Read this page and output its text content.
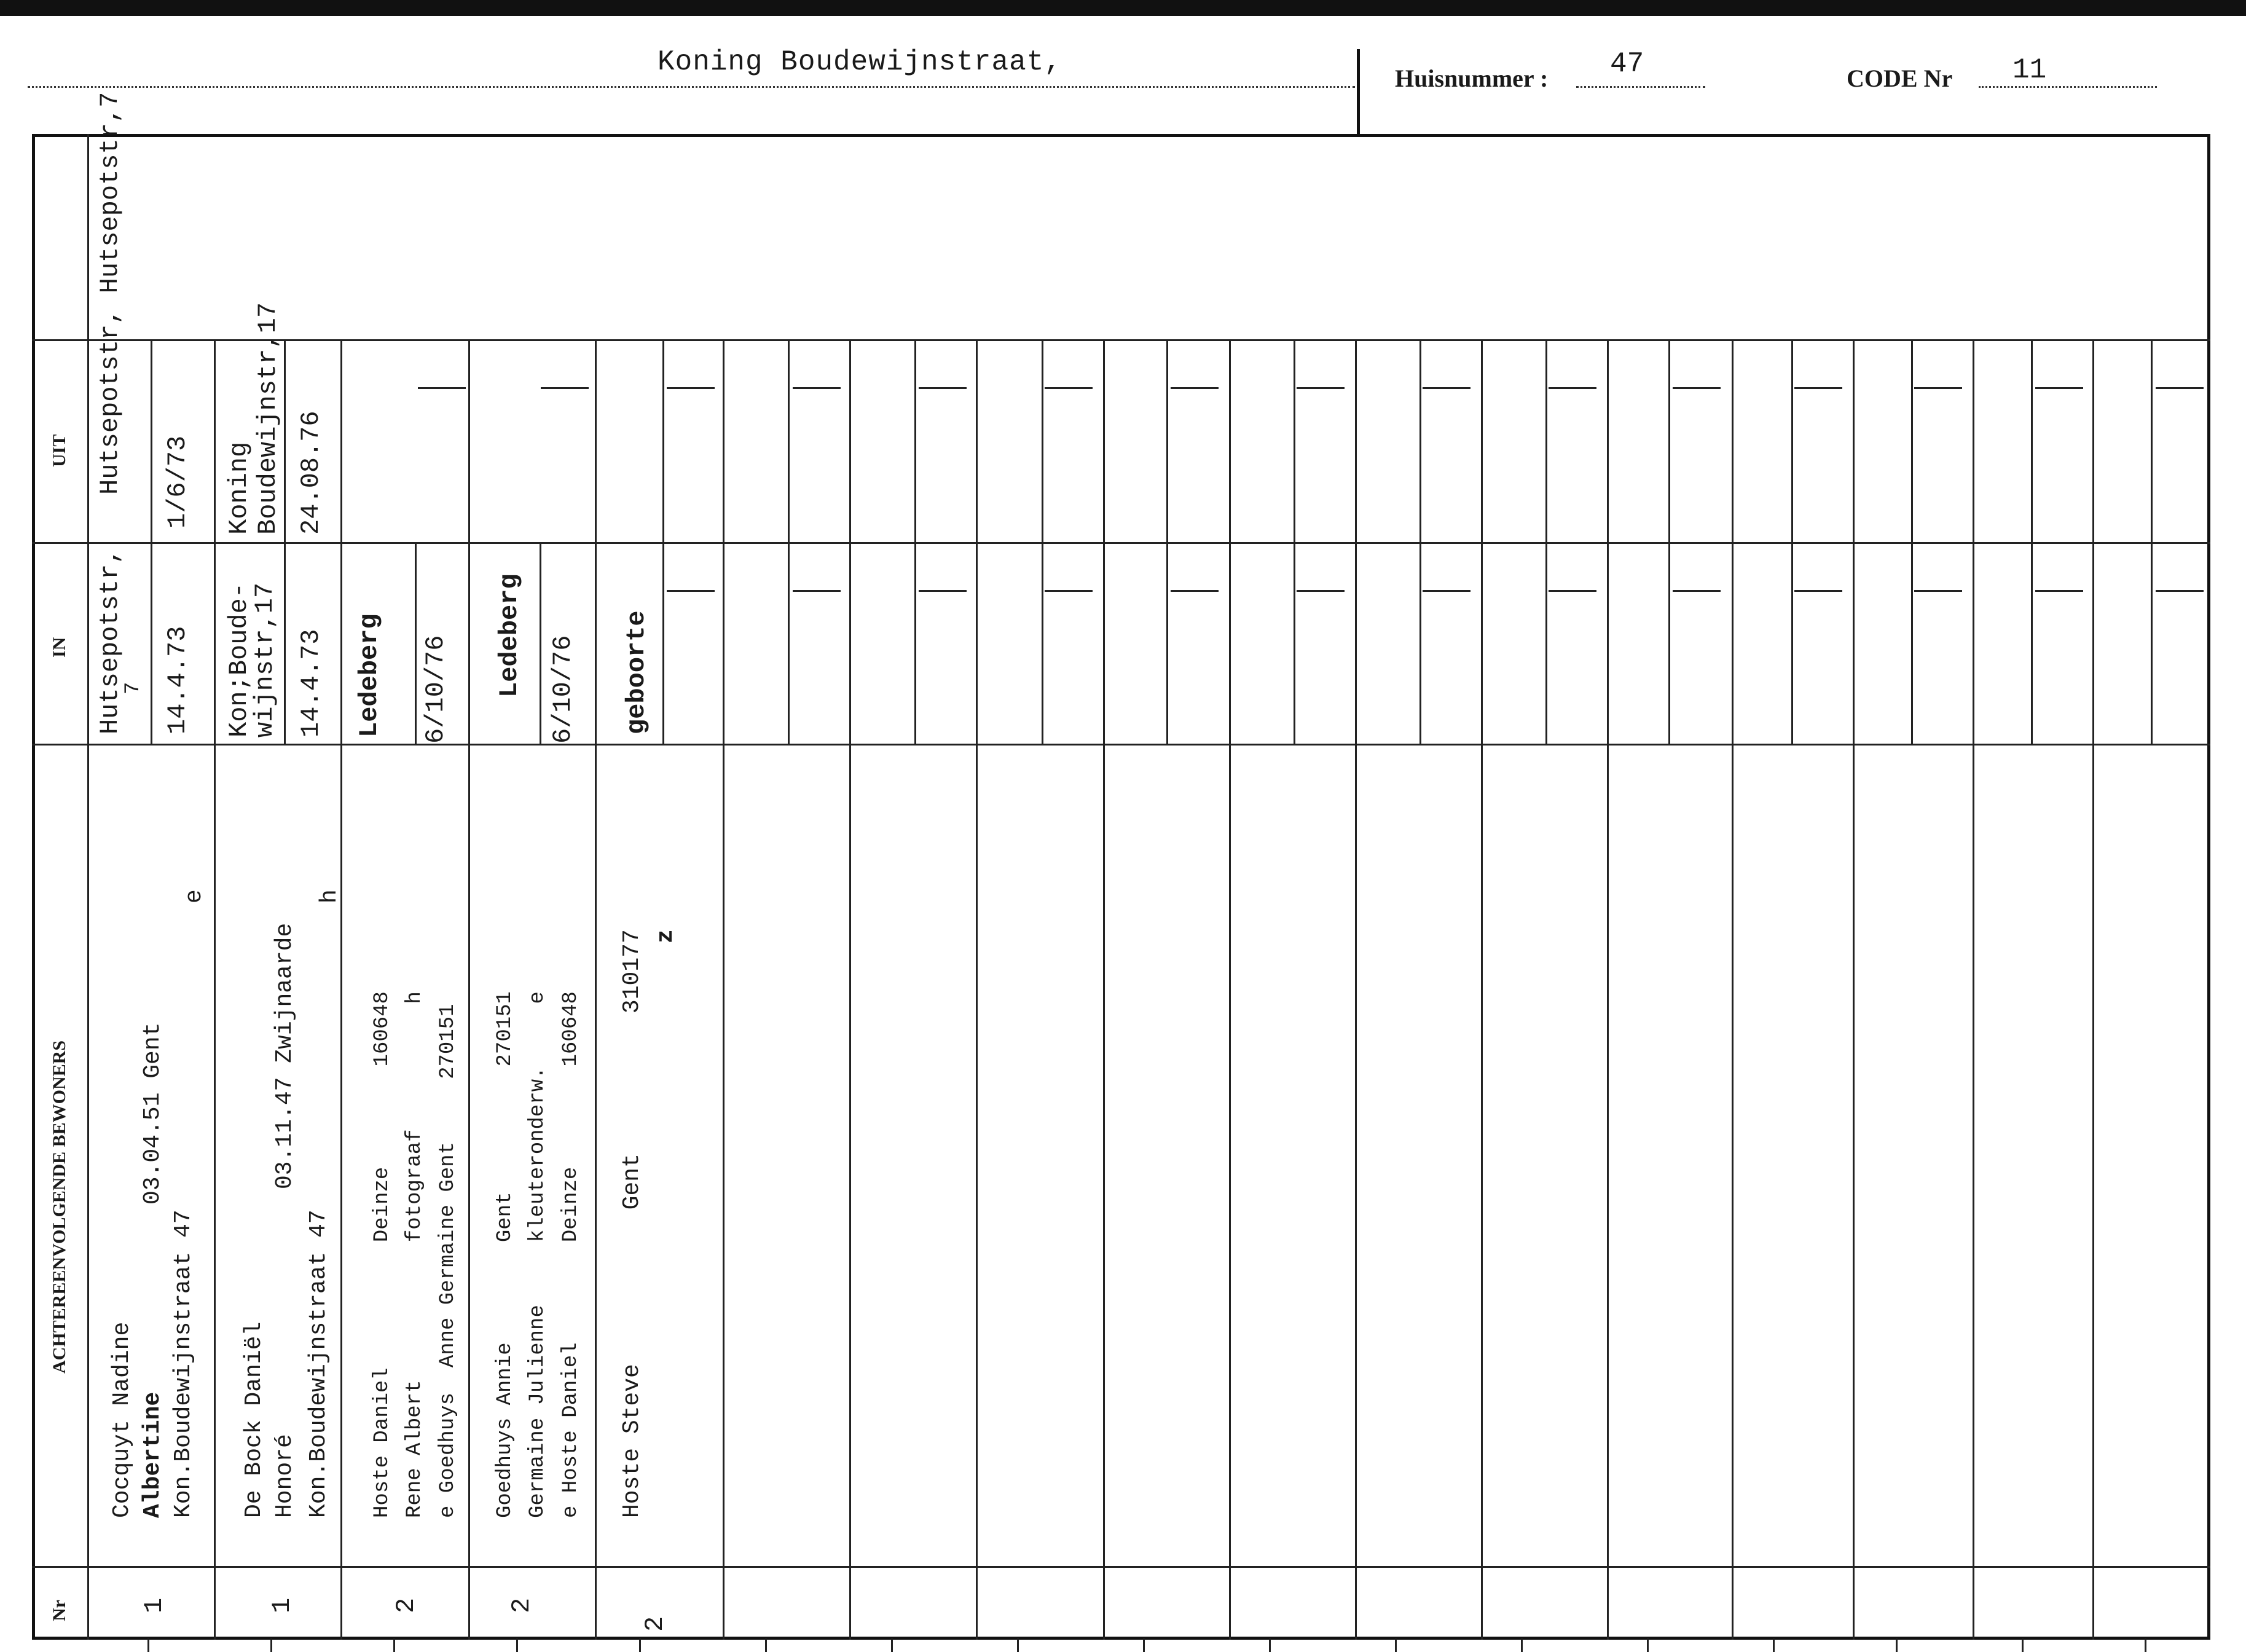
Koning Boudewijnstraat,
Huisnummer : 47	CODE Nr 11
UIT
IN
ACHTEREENVOLGENDE BEWONERS
Nr
Hutsepotstr, Hutsepotstr,7 1/6/73
Hutsepotstr,
7 14.4.73
Cocquyt Nadine Albertine Kon.Boudewijnstraat 47
03.04.51 Gent
e
1
Koning Boudewijnstr,17 24.08.76
Kon;Boude-
wijnstr,17 14.4.73
De Bock Daniël Honoré Kon.Boudewijnstraat 47
03.11.47 Zwijnaarde
h
1
Ledeberg 6/10/76
Hoste Daniel          Deinze        160648 Rene Albert           fotograaf          h e Goedhuys  Anne Germaine Gent     270151
2
Ledeberg 6/10/76
Goedhuys Annie        Gent          270151 Germaine Julienne     kleuteronderw.     e e Hoste Daniel        Deinze        160648
2
geboorte
Hoste Steve           Gent          310177 z
2
